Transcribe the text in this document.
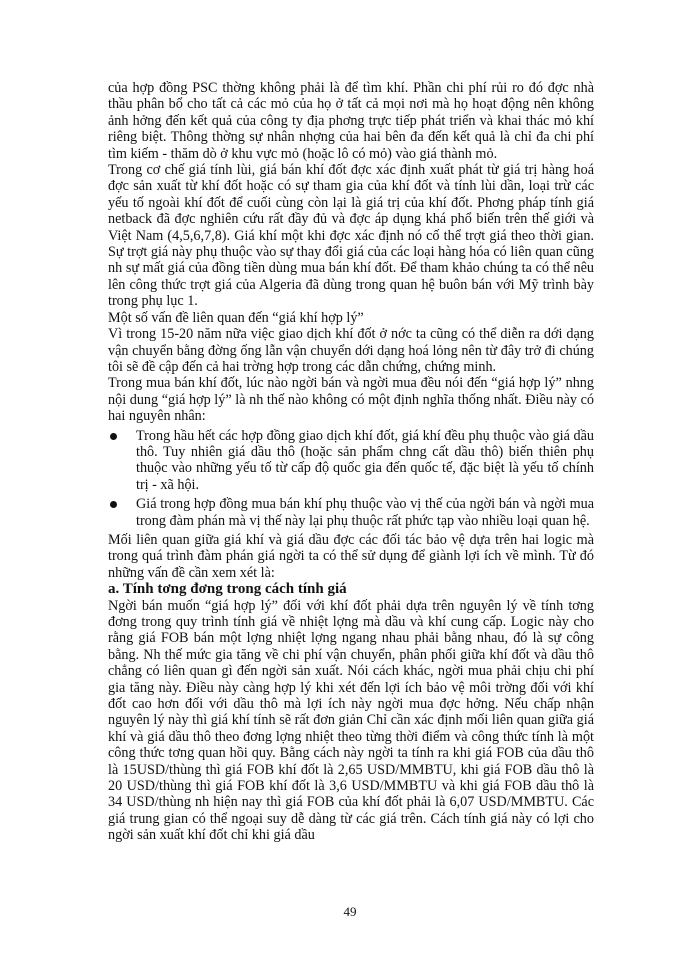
của hợp đồng PSC thờng không phải là để tìm khí. Phần chi phí rủi ro đó đợc nhà thầu phân bổ cho tất cả các mỏ của họ ở tất cả mọi nơi mà họ hoạt động nên không ảnh hởng đến kết quả của công ty địa phơng trực tiếp phát triển và khai thác mỏ khí riêng biệt. Thông thờng sự nhân nhợng của hai bên đa đến kết quả là chỉ đa chi phí tìm kiếm - thăm dò ở khu vực mỏ (hoặc lô có mỏ) vào giá thành mỏ.

Trong cơ chế giá tính lùi, giá bán khí đốt đợc xác định xuất phát từ giá trị hàng hoá đợc sản xuất từ khí đốt hoặc có sự tham gia của khí đốt và tính lùi dần, loại trừ các yếu tố ngoài khí đốt để cuối cùng còn lại là giá trị của khí đốt. Phơng pháp tính giá netback đã đợc nghiên cứu rất đầy đủ và đợc áp dụng khá phổ biến trên thế giới và Việt Nam (4,5,6,7,8). Giá khí một khi đợc xác định nó cố thể trợt giá theo thời gian. Sự trợt giá này phụ thuộc vào sự thay đổi giá của các loại hàng hóa có liên quan cũng nh sự mất giá của đồng tiền dùng mua bán khí đốt. Để tham khảo chúng ta có thể nêu lên công thức trợt giá của Algeria đã dùng trong quan hệ buôn bán với Mỹ trình bày trong phụ lục 1.

Một số vấn đề liên quan đến “giá khí hợp lý”

Vì trong 15-20 năm nữa việc giao dịch khí đốt ở nớc ta cũng có thể diễn ra dới dạng vận chuyển bằng đờng ống lẫn vận chuyển dới dạng hoá lỏng nên từ đây trở đi chúng tôi sẽ đề cập đến cả hai trờng hợp trong các dẫn chứng, chứng minh.

Trong mua bán khí đốt, lúc nào ngời bán và ngời mua đều nói đến “giá hợp lý” nhng nội dung “giá hợp lý” là nh thế nào không có một định nghĩa thống nhất. Điều này có hai nguyên nhân:

Trong hầu hết các hợp đồng giao dịch khí đốt, giá khí đều phụ thuộc vào giá dầu thô. Tuy nhiên giá dầu thô (hoặc sản phẩm chng cất dầu thô) biến thiên phụ thuộc vào những yếu tố từ cấp độ quốc gia đến quốc tế, đặc biệt là yếu tố chính trị - xã hội.
Giá trong hợp đồng mua bán khí phụ thuộc vào vị thế của ngời bán và ngời mua trong đàm phán mà vị thế này lại phụ thuộc rất phức tạp vào nhiều loại quan hệ.

Mối liên quan giữa giá khí và giá dầu đợc các đối tác bảo vệ dựa trên hai logic mà trong quá trình đàm phán giá ngời ta có thể sử dụng để giành lợi ích về mình. Từ đó những vấn đề cần xem xét là:

a. Tính tơng đơng trong cách tính giá

Ngời bán muốn “giá hợp lý” đối với khí đốt phải dựa trên nguyên lý về tính tơng đơng trong quy trình tính giá về nhiệt lợng mà dầu và khí cung cấp. Logic này cho rằng giá FOB bán một lợng nhiệt lợng ngang nhau phải bằng nhau, đó là sự công bằng. Nh thế mức gia tăng về chi phí vận chuyển, phân phối giữa khí đốt và dầu thô chẳng có liên quan gì đến ngời sản xuất. Nói cách khác, ngời mua phải chịu chi phí gia tăng này. Điều này càng hợp lý khi xét đến lợi ích bảo vệ môi trờng đối với khí đốt cao hơn đối với dầu thô mà lợi ích này ngời mua đợc hởng. Nếu chấp nhận nguyên lý này thì giá khí tính sẽ rất đơn giản Chỉ cần xác định mối liên quan giữa giá khí và giá dầu thô theo đơng lợng nhiệt theo từng thời điểm và công thức tính là một công thức tơng quan hồi quy. Bằng cách này ngời ta tính ra khi giá FOB của dầu thô là 15USD/thùng thì giá FOB khí đốt là 2,65 USD/MMBTU, khi giá FOB dầu thô là 20 USD/thùng thì giá FOB khí đốt là 3,6 USD/MMBTU và khi giá FOB dầu thô là 34 USD/thùng nh hiện nay thì giá FOB của khí đốt phải là 6,07 USD/MMBTU. Các giá trung gian có thể ngoại suy dễ dàng từ các giá trên. Cách tính giá này có lợi cho ngời sản xuất khí đốt chỉ khi giá dầu

49
